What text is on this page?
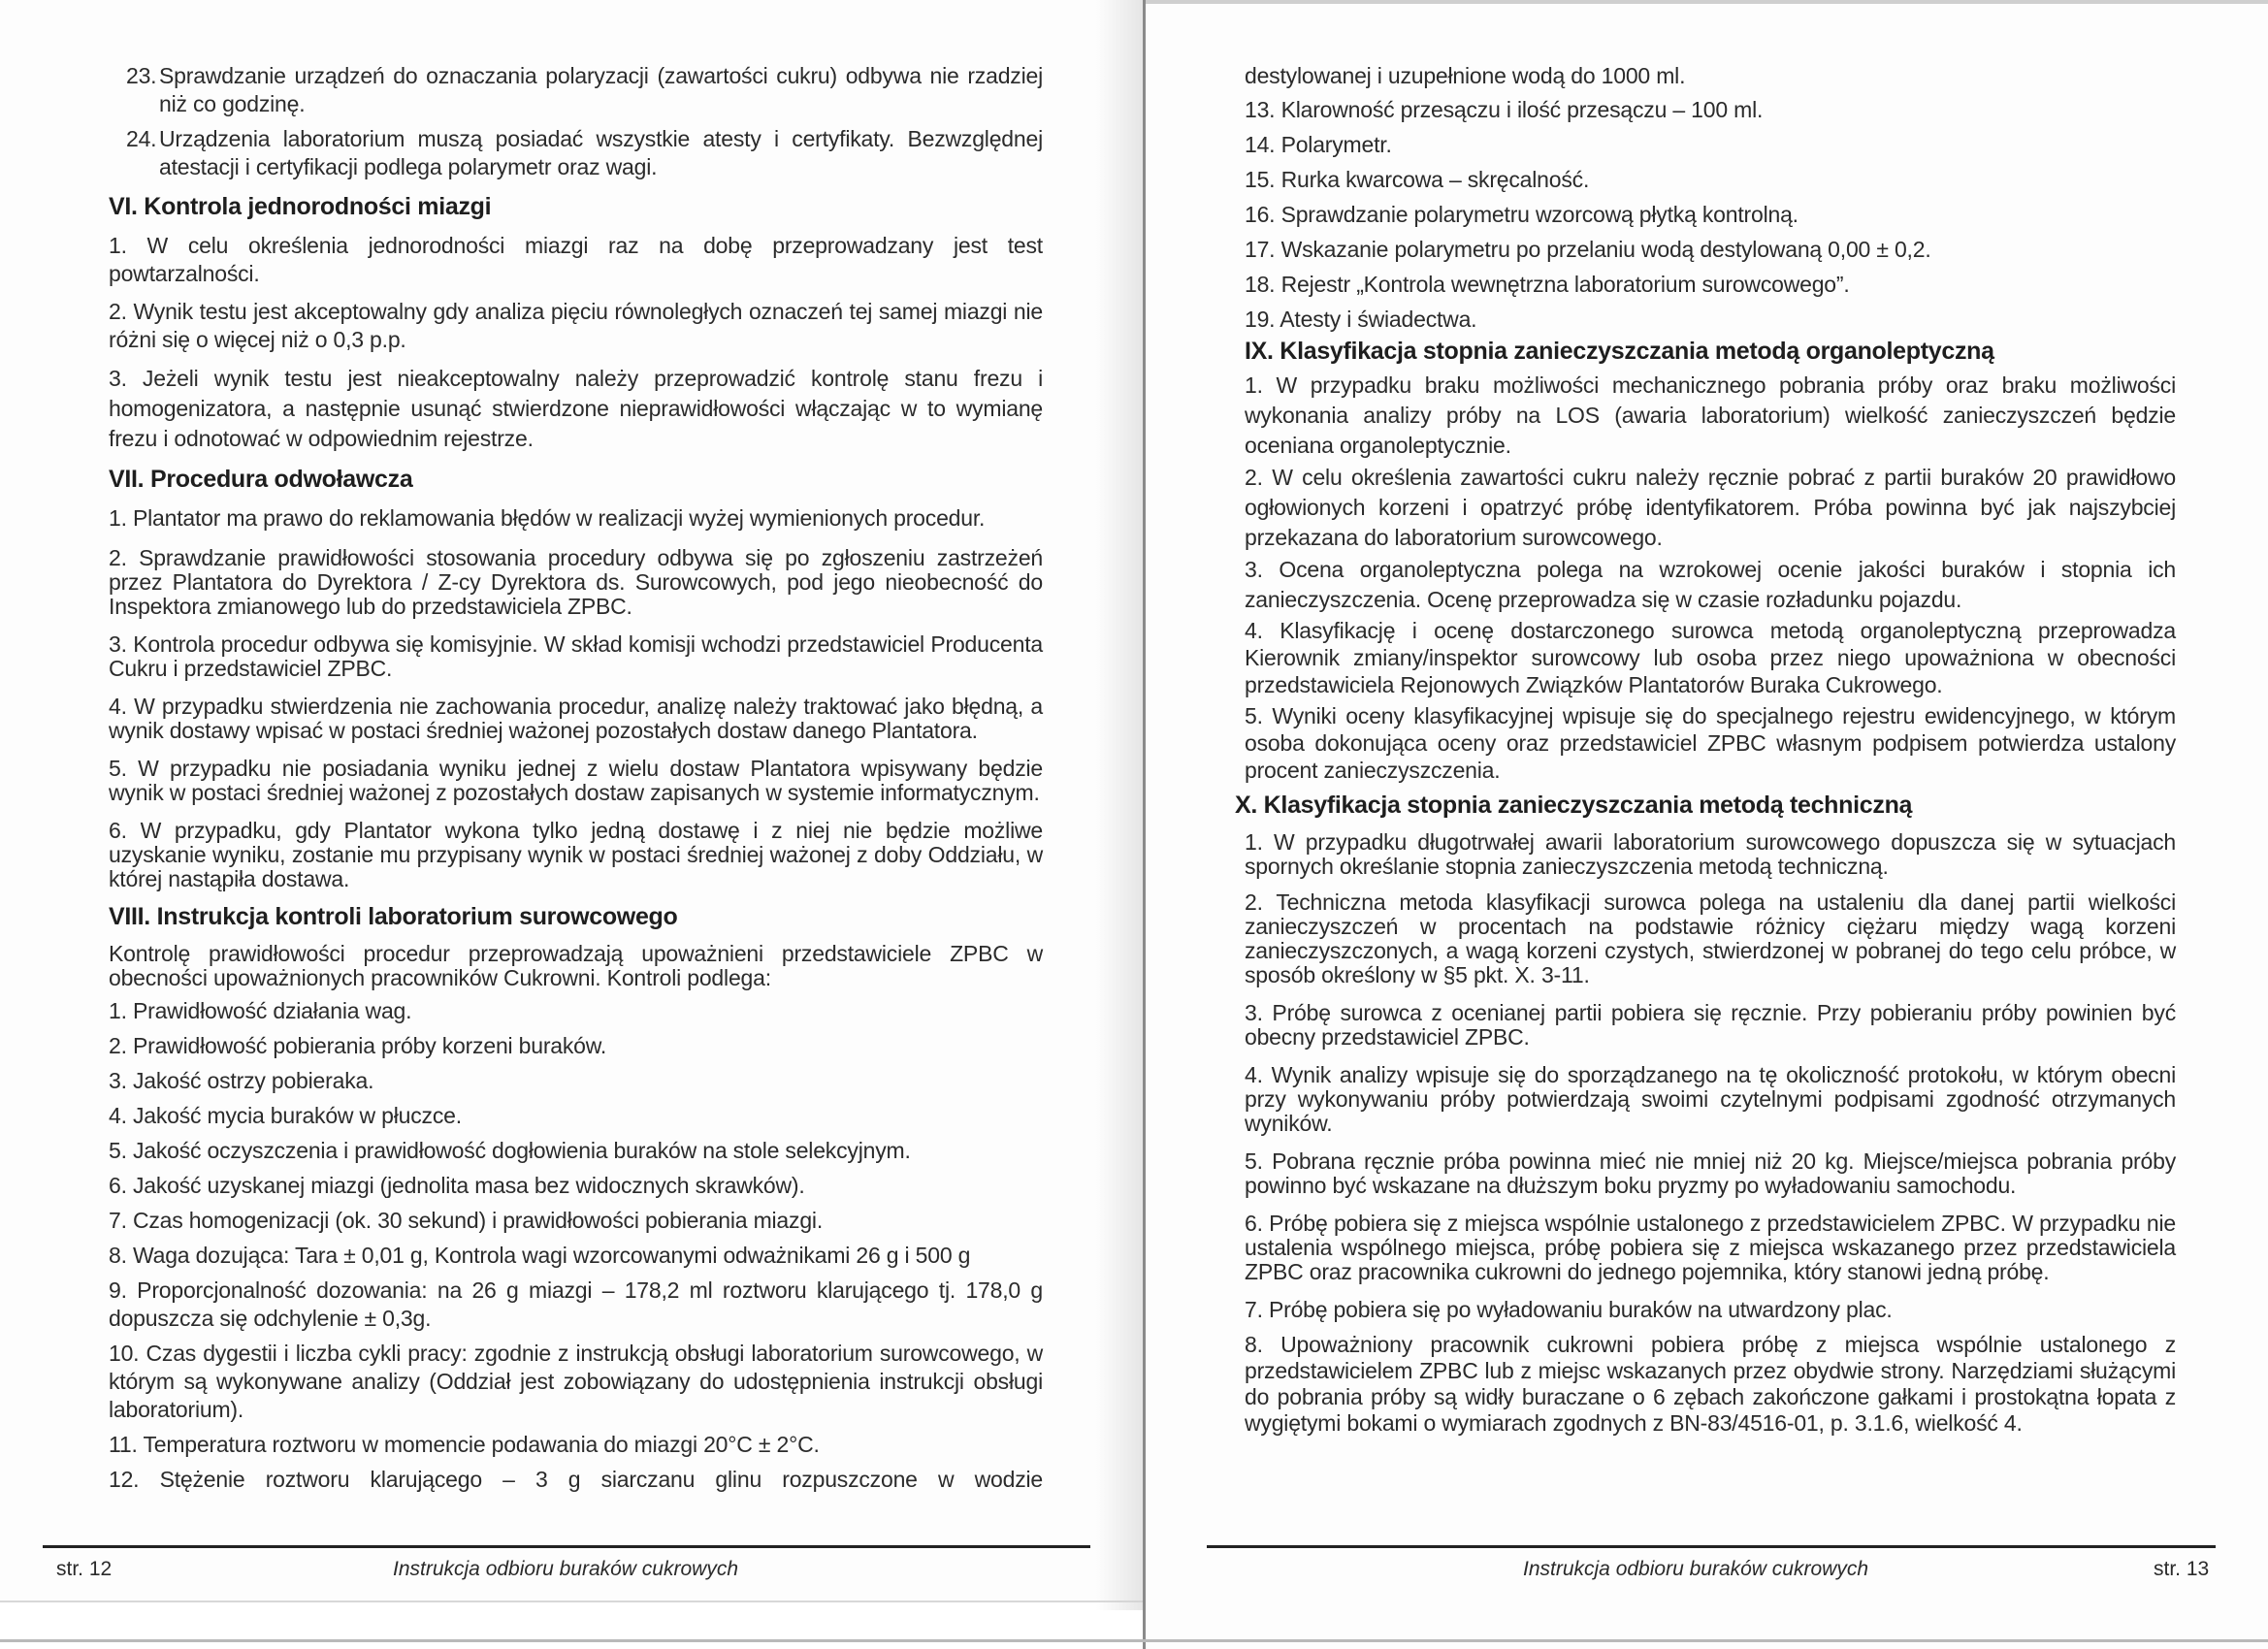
23. Sprawdzanie urządzeń do oznaczania polaryzacji (zawartości cukru) odbywa nie rzadziej niż co godzinę.
24. Urządzenia laboratorium muszą posiadać wszystkie atesty i certyfikaty. Bezwzględnej atestacji i certyfikacji podlega polarymetr oraz wagi.
VI. Kontrola jednorodności miazgi
1. W celu określenia jednorodności miazgi raz na dobę przeprowadzany jest test powtarzalności.
2. Wynik testu jest akceptowalny gdy analiza pięciu równoległych oznaczeń tej samej miazgi nie różni się o więcej niż o 0,3 p.p.
3. Jeżeli wynik testu jest nieakceptowalny należy przeprowadzić kontrolę stanu frezu i homogenizatora, a następnie usunąć stwierdzone nieprawidłowości włączając w to wymianę frezu i odnotować w odpowiednim rejestrze.
VII. Procedura odwoławcza
1. Plantator ma prawo do reklamowania błędów w realizacji wyżej wymienionych procedur.
2. Sprawdzanie prawidłowości stosowania procedury odbywa się po zgłoszeniu zastrzeżeń przez Plantatora do Dyrektora / Z-cy Dyrektora ds. Surowcowych, pod jego nieobecność do Inspektora zmianowego lub do przedstawiciela ZPBC.
3. Kontrola procedur odbywa się komisyjnie. W skład komisji wchodzi przedstawiciel Producenta Cukru i przedstawiciel ZPBC.
4. W przypadku stwierdzenia nie zachowania procedur, analizę należy traktować jako błędną, a wynik dostawy wpisać w postaci średniej ważonej pozostałych dostaw danego Plantatora.
5. W przypadku nie posiadania wyniku jednej z wielu dostaw Plantatora wpisywany będzie wynik w postaci średniej ważonej z pozostałych dostaw zapisanych w systemie informatycznym.
6. W przypadku, gdy Plantator wykona tylko jedną dostawę i z niej nie będzie możliwe uzyskanie wyniku, zostanie mu przypisany wynik w postaci średniej ważonej z doby Oddziału, w której nastąpiła dostawa.
VIII. Instrukcja kontroli laboratorium surowcowego
Kontrolę prawidłowości procedur przeprowadzają upoważnieni przedstawiciele ZPBC w obecności upoważnionych pracowników Cukrowni. Kontroli podlega:
1. Prawidłowość działania wag.
2. Prawidłowość pobierania próby korzeni buraków.
3. Jakość ostrzy pobieraka.
4. Jakość mycia buraków w płuczce.
5. Jakość oczyszczenia i prawidłowość dogłowienia buraków na stole selekcyjnym.
6. Jakość uzyskanej miazgi (jednolita masa bez widocznych skrawków).
7. Czas homogenizacji (ok. 30 sekund) i prawidłowości pobierania miazgi.
8. Waga dozująca: Tara ± 0,01 g, Kontrola wagi wzorcowanymi odważnikami 26 g i 500 g
9. Proporcjonalność dozowania: na 26 g miazgi – 178,2 ml roztworu klarującego tj. 178,0 g dopuszcza się odchylenie ± 0,3g.
10. Czas dygestii i liczba cykli pracy: zgodnie z instrukcją obsługi laboratorium surowcowego, w którym są wykonywane analizy (Oddział jest zobowiązany do udostępnienia instrukcji obsługi laboratorium).
11. Temperatura roztworu w momencie podawania do miazgi 20°C ± 2°C.
12. Stężenie roztworu klarującego – 3 g siarczanu glinu rozpuszczone w wodzie
destylowanej i uzupełnione wodą do 1000 ml.
13. Klarowność przesączu i ilość przesączu – 100 ml.
14. Polarymetr.
15. Rurka kwarcowa – skręcalność.
16. Sprawdzanie polarymetru wzorcową płytką kontrolną.
17. Wskazanie polarymetru po przelaniu wodą destylowaną 0,00 ± 0,2.
18. Rejestr „Kontrola wewnętrzna laboratorium surowcowego”.
19. Atesty i świadectwa.
IX. Klasyfikacja stopnia zanieczyszczania metodą organoleptyczną
1. W przypadku braku możliwości mechanicznego pobrania próby oraz braku możliwości wykonania analizy próby na LOS (awaria laboratorium) wielkość zanieczyszczeń będzie oceniana organoleptycznie.
2. W celu określenia zawartości cukru należy ręcznie pobrać z partii buraków 20 prawidłowo ogłowionych korzeni i opatrzyć próbę identyfikatorem. Próba powinna być jak najszybciej przekazana do laboratorium surowcowego.
3. Ocena organoleptyczna polega na wzrokowej ocenie jakości buraków i stopnia ich zanieczyszczenia. Ocenę przeprowadza się w czasie rozładunku pojazdu.
4. Klasyfikację i ocenę dostarczonego surowca metodą organoleptyczną przeprowadza Kierownik zmiany/inspektor surowcowy lub osoba przez niego upoważniona w obecności przedstawiciela Rejonowych Związków Plantatorów Buraka Cukrowego.
5. Wyniki oceny klasyfikacyjnej wpisuje się do specjalnego rejestru ewidencyjnego, w którym osoba dokonująca oceny oraz przedstawiciel ZPBC własnym podpisem potwierdza ustalony procent zanieczyszczenia.
X. Klasyfikacja stopnia zanieczyszczania metodą techniczną
1. W przypadku długotrwałej awarii laboratorium surowcowego dopuszcza się w sytuacjach spornych określanie stopnia zanieczyszczenia metodą techniczną.
2. Techniczna metoda klasyfikacji surowca polega na ustaleniu dla danej partii wielkości zanieczyszczeń w procentach na podstawie różnicy ciężaru między wagą korzeni zanieczyszczonych, a wagą korzeni czystych, stwierdzonej w pobranej do tego celu próbce, w sposób określony w §5 pkt. X. 3-11.
3. Próbę surowca z ocenianej partii pobiera się ręcznie. Przy pobieraniu próby powinien być obecny przedstawiciel ZPBC.
4. Wynik analizy wpisuje się do sporządzanego na tę okoliczność protokołu, w którym obecni przy wykonywaniu próby potwierdzają swoimi czytelnymi podpisami zgodność otrzymanych wyników.
5. Pobrana ręcznie próba powinna mieć nie mniej niż 20 kg. Miejsce/miejsca pobrania próby powinno być wskazane na dłuższym boku pryzmy po wyładowaniu samochodu.
6. Próbę pobiera się z miejsca wspólnie ustalonego z przedstawicielem ZPBC. W przypadku nie ustalenia wspólnego miejsca, próbę pobiera się z miejsca wskazanego przez przedstawiciela ZPBC oraz pracownika cukrowni do jednego pojemnika, który stanowi jedną próbę.
7. Próbę pobiera się po wyładowaniu buraków na utwardzony plac.
8. Upoważniony pracownik cukrowni pobiera próbę z miejsca wspólnie ustalonego z przedstawicielem ZPBC lub z miejsc wskazanych przez obydwie strony. Narzędziami służącymi do pobrania próby są widły buraczane o 6 zębach zakończone gałkami i prostokątna łopata z wygiętymi bokami o wymiarach zgodnych z BN-83/4516-01, p. 3.1.6, wielkość 4.
str. 12	Instrukcja odbioru buraków cukrowych	Instrukcja odbioru buraków cukrowych	str. 13
